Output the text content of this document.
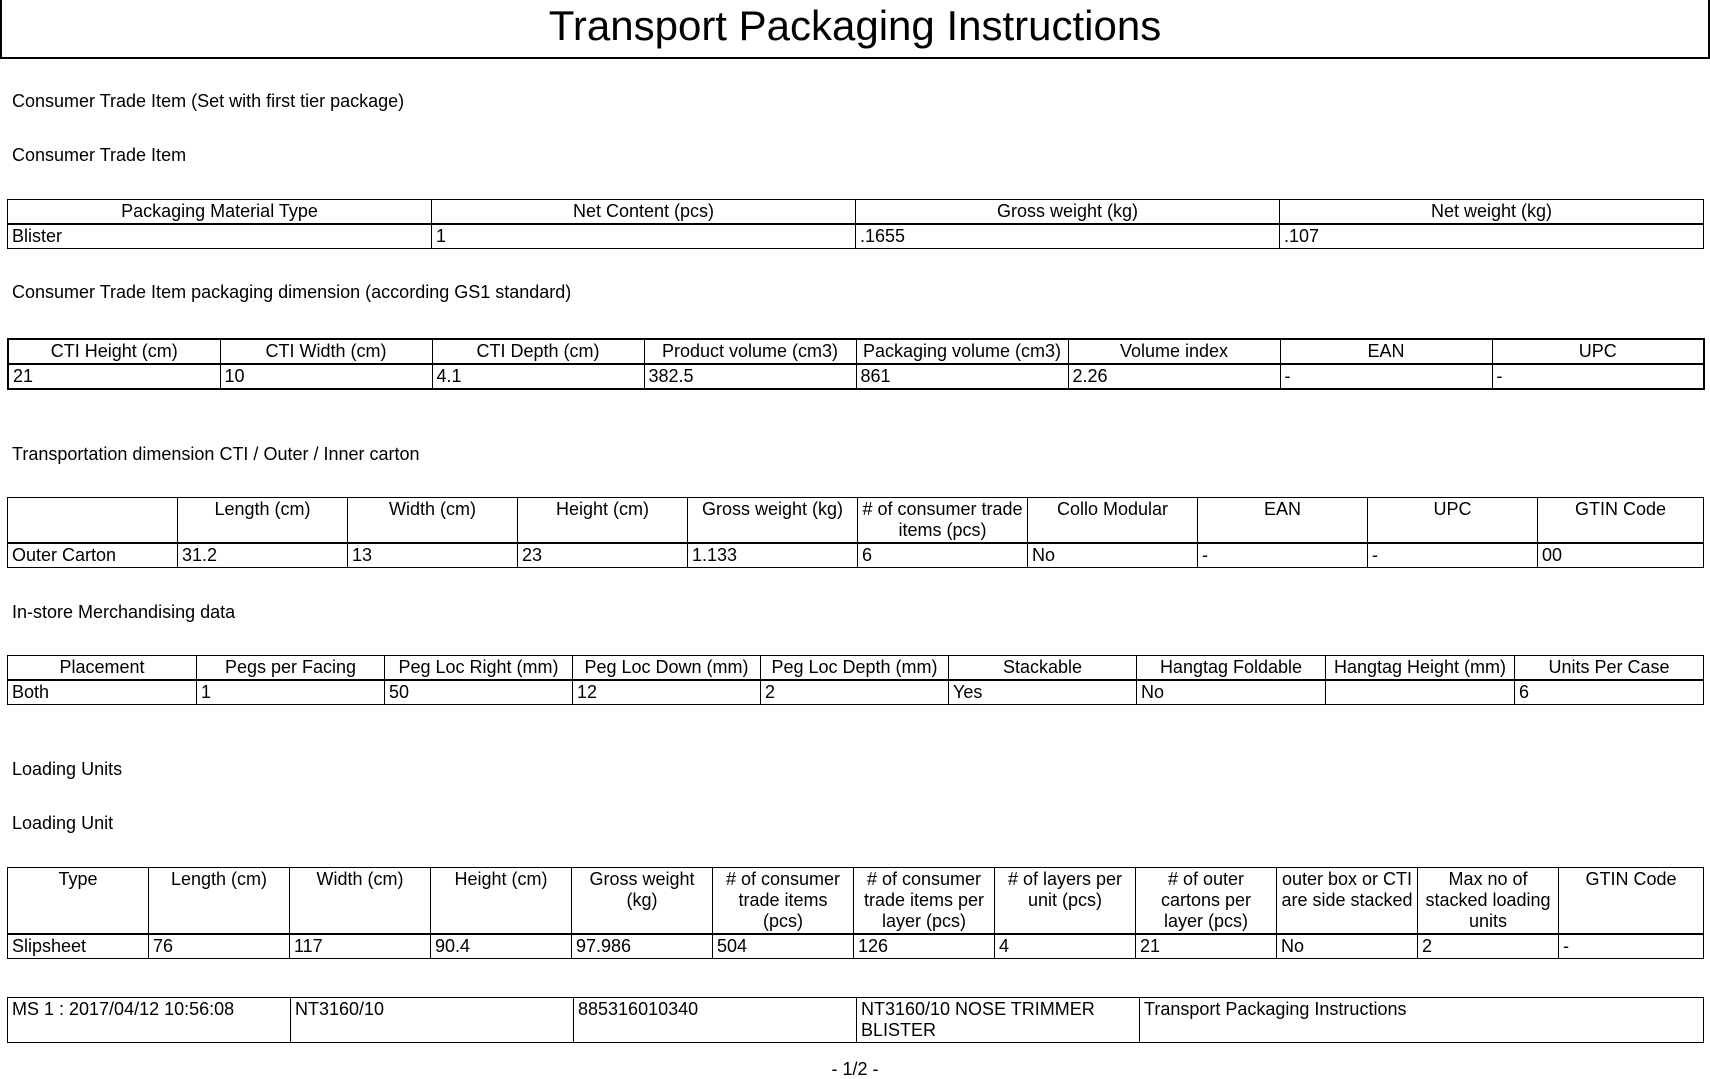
Transport Packaging Instructions
Consumer Trade Item (Set with first tier package)
Consumer Trade Item
Packaging Material Type	Net Content (pcs)	Gross weight (kg)	Net weight (kg)
Blister	1	.1655	.107
Consumer Trade Item packaging dimension (according GS1 standard)
CTI Height (cm)	CTI Width (cm)	CTI Depth (cm)	Product volume (cm3)	Packaging volume (cm3)	Volume index	EAN	UPC
21	10	4.1	382.5	861	2.26	-	-
Transportation dimension CTI / Outer / Inner carton
	Length (cm)	Width (cm)	Height (cm)	Gross weight (kg)	# of consumer trade items (pcs)	Collo Modular	EAN	UPC	GTIN Code
Outer Carton	31.2	13	23	1.133	6	No	-	-	00
In-store Merchandising data
Placement	Pegs per Facing	Peg Loc Right (mm)	Peg Loc Down (mm)	Peg Loc Depth (mm)	Stackable	Hangtag Foldable	Hangtag Height (mm)	Units Per Case
Both	1	50	12	2	Yes	No		6
Loading Units
Loading Unit
Type	Length (cm)	Width (cm)	Height (cm)	Gross weight (kg)	# of consumer trade items (pcs)	# of consumer trade items per layer (pcs)	# of layers per unit (pcs)	# of outer cartons per layer (pcs)	outer box or CTI are side stacked	Max no of stacked loading units	GTIN Code
Slipsheet	76	117	90.4	97.986	504	126	4	21	No	2	-
MS 1 : 2017/04/12 10:56:08	NT3160/10	885316010340	NT3160/10 NOSE TRIMMER BLISTER	Transport Packaging Instructions
- 1/2 -
